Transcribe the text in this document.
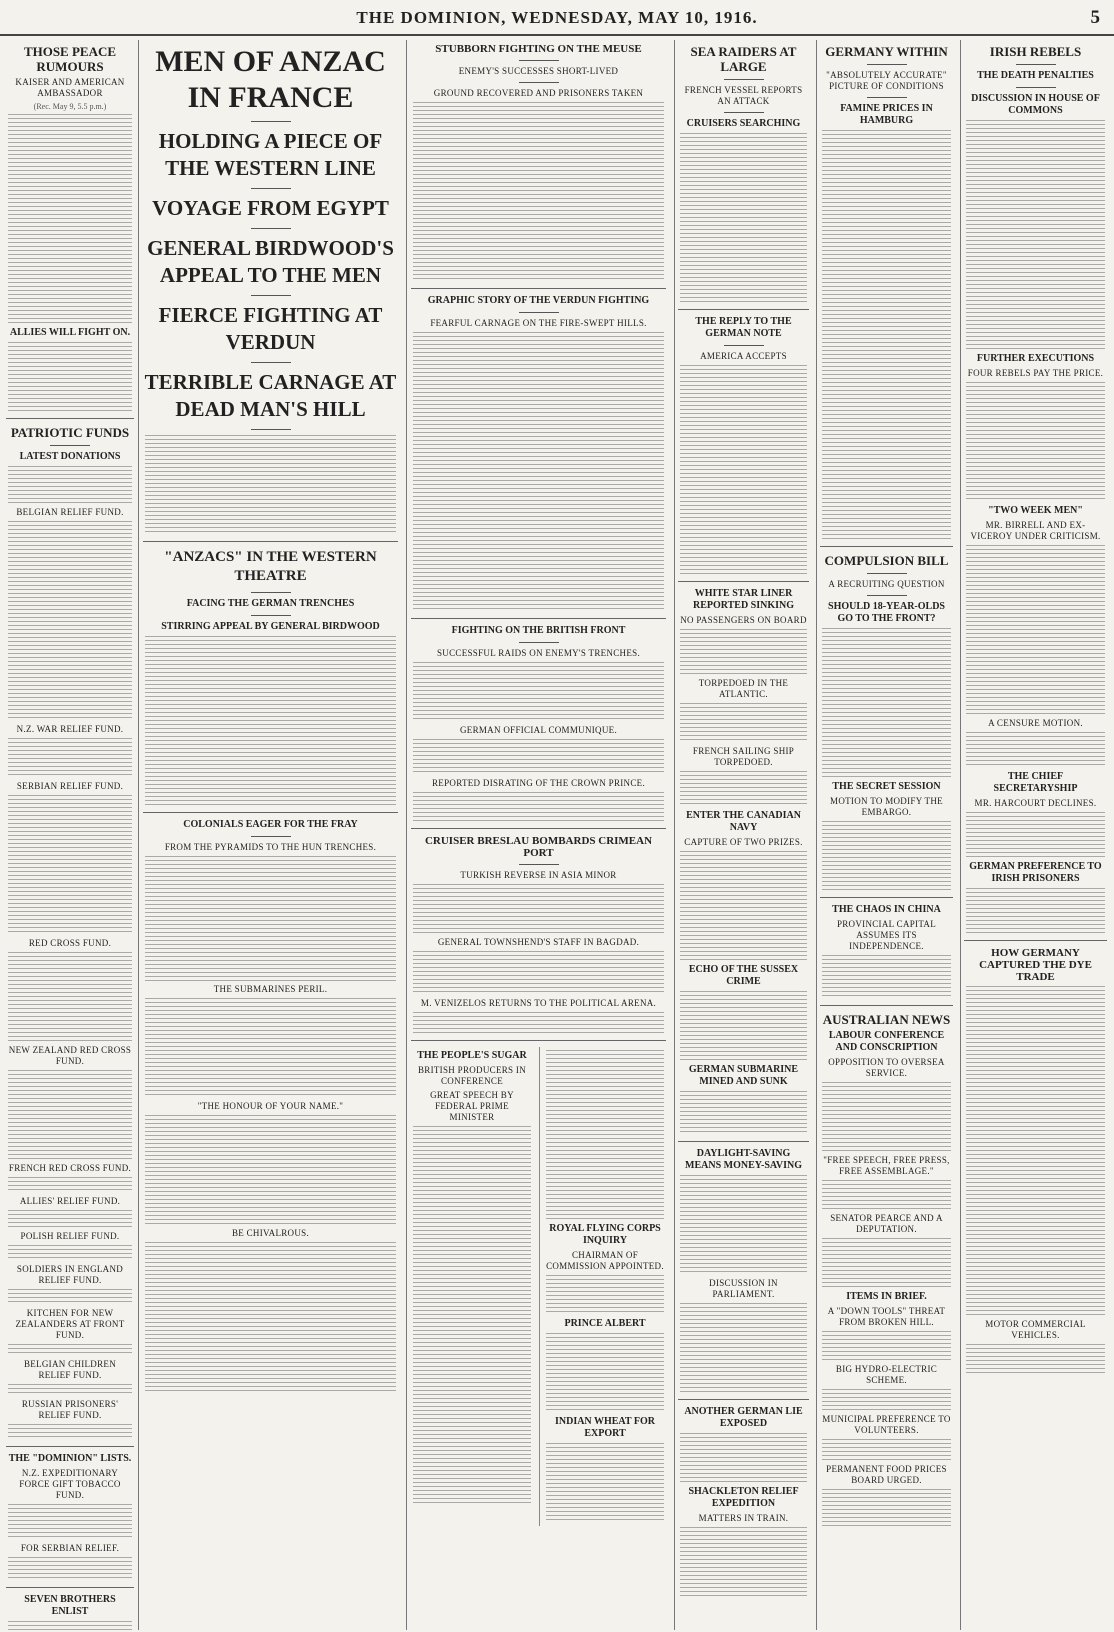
THE DOMINION, WEDNESDAY, MAY 10, 1916.	5
THOSE PEACE RUMOURS
KAISER AND AMERICAN AMBASSADOR
(Rec. May 9, 5.5 p.m.)
ALLIES WILL FIGHT ON.
PATRIOTIC FUNDS
LATEST DONATIONS
BELGIAN RELIEF FUND.
N.Z. WAR RELIEF FUND.
SERBIAN RELIEF FUND.
RED CROSS FUND.
NEW ZEALAND RED CROSS FUND.
FRENCH RED CROSS FUND.
ALLIES' RELIEF FUND.
POLISH RELIEF FUND.
SOLDIERS IN ENGLAND RELIEF FUND.
KITCHEN FOR NEW ZEALANDERS AT FRONT FUND.
BELGIAN CHILDREN RELIEF FUND.
RUSSIAN PRISONERS' RELIEF FUND.
THE "DOMINION" LISTS.
N.Z. EXPEDITIONARY FORCE GIFT TOBACCO FUND.
FOR SERBIAN RELIEF.
SEVEN BROTHERS ENLIST
MEN OF ANZAC IN FRANCE
HOLDING A PIECE OF THE WESTERN LINE
VOYAGE FROM EGYPT
GENERAL BIRDWOOD'S APPEAL TO THE MEN
FIERCE FIGHTING AT VERDUN
TERRIBLE CARNAGE AT DEAD MAN'S HILL
"ANZACS" IN THE WESTERN THEATRE
FACING THE GERMAN TRENCHES
STIRRING APPEAL BY GENERAL BIRDWOOD
COLONIALS EAGER FOR THE FRAY
FROM THE PYRAMIDS TO THE HUN TRENCHES.
THE SUBMARINES PERIL.
"THE HONOUR OF YOUR NAME."
BE CHIVALROUS.
STUBBORN FIGHTING ON THE MEUSE
ENEMY'S SUCCESSES SHORT-LIVED
GROUND RECOVERED AND PRISONERS TAKEN
GRAPHIC STORY OF THE VERDUN FIGHTING
FEARFUL CARNAGE ON THE FIRE-SWEPT HILLS.
FIGHTING ON THE BRITISH FRONT
SUCCESSFUL RAIDS ON ENEMY'S TRENCHES.
GERMAN OFFICIAL COMMUNIQUE.
REPORTED DISRATING OF THE CROWN PRINCE.
CRUISER BRESLAU BOMBARDS CRIMEAN PORT
TURKISH REVERSE IN ASIA MINOR
GENERAL TOWNSHEND'S STAFF IN BAGDAD.
M. VENIZELOS RETURNS TO THE POLITICAL ARENA.
THE PEOPLE'S SUGAR
BRITISH PRODUCERS IN CONFERENCE
GREAT SPEECH BY FEDERAL PRIME MINISTER
ROYAL FLYING CORPS INQUIRY
CHAIRMAN OF COMMISSION APPOINTED.
PRINCE ALBERT
INDIAN WHEAT FOR EXPORT
SEA RAIDERS AT LARGE
FRENCH VESSEL REPORTS AN ATTACK
CRUISERS SEARCHING
THE REPLY TO THE GERMAN NOTE
AMERICA ACCEPTS
WHITE STAR LINER REPORTED SINKING
NO PASSENGERS ON BOARD
TORPEDOED IN THE ATLANTIC.
FRENCH SAILING SHIP TORPEDOED.
ENTER THE CANADIAN NAVY
CAPTURE OF TWO PRIZES.
ECHO OF THE SUSSEX CRIME
GERMAN SUBMARINE MINED AND SUNK
DAYLIGHT-SAVING MEANS MONEY-SAVING
DISCUSSION IN PARLIAMENT.
ANOTHER GERMAN LIE EXPOSED
SHACKLETON RELIEF EXPEDITION
MATTERS IN TRAIN.
GERMANY WITHIN
"ABSOLUTELY ACCURATE" PICTURE OF CONDITIONS
FAMINE PRICES IN HAMBURG
COMPULSION BILL
A RECRUITING QUESTION
SHOULD 18-YEAR-OLDS GO TO THE FRONT?
THE SECRET SESSION
MOTION TO MODIFY THE EMBARGO.
THE CHAOS IN CHINA
PROVINCIAL CAPITAL ASSUMES ITS INDEPENDENCE.
AUSTRALIAN NEWS
LABOUR CONFERENCE AND CONSCRIPTION
OPPOSITION TO OVERSEA SERVICE.
"FREE SPEECH, FREE PRESS, FREE ASSEMBLAGE."
SENATOR PEARCE AND A DEPUTATION.
ITEMS IN BRIEF.
A "DOWN TOOLS" THREAT FROM BROKEN HILL.
BIG HYDRO-ELECTRIC SCHEME.
MUNICIPAL PREFERENCE TO VOLUNTEERS.
PERMANENT FOOD PRICES BOARD URGED.
IRISH REBELS
THE DEATH PENALTIES
DISCUSSION IN HOUSE OF COMMONS
FURTHER EXECUTIONS
FOUR REBELS PAY THE PRICE.
"TWO WEEK MEN"
MR. BIRRELL AND EX-VICEROY UNDER CRITICISM.
A CENSURE MOTION.
THE CHIEF SECRETARYSHIP
MR. HARCOURT DECLINES.
GERMAN PREFERENCE TO IRISH PRISONERS
HOW GERMANY CAPTURED THE DYE TRADE
MOTOR COMMERCIAL VEHICLES.
